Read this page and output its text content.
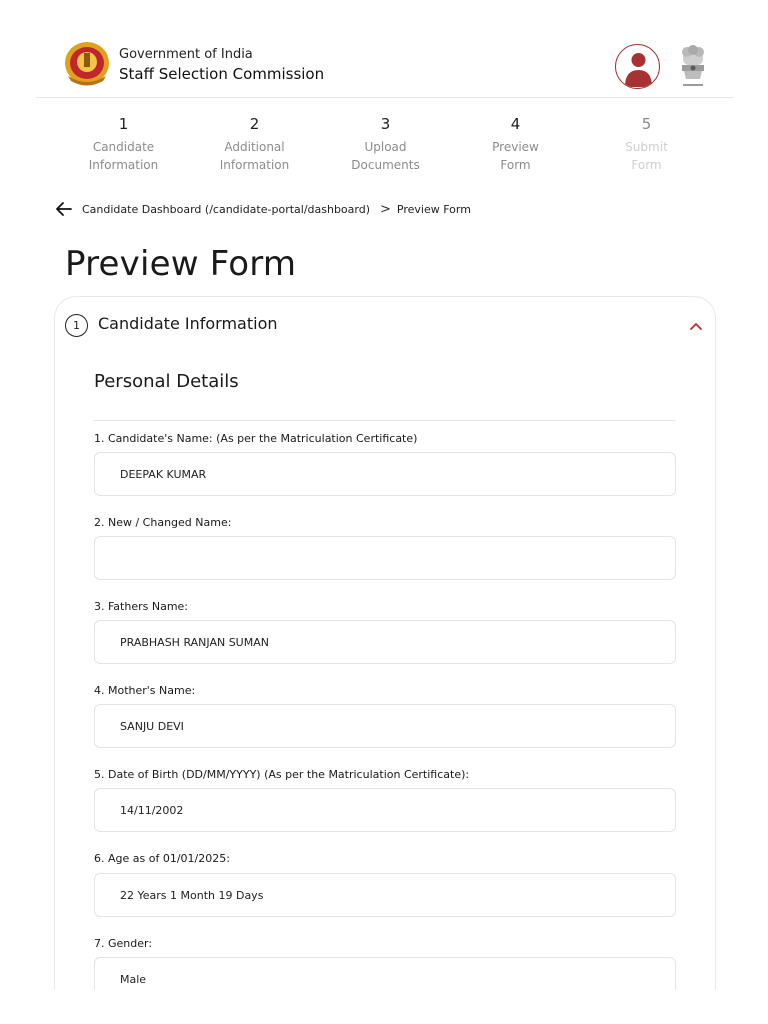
Government of India
Staff Selection Commission
1
Candidate
Information
2
Additional
Information
3
Upload
Documents
4
Preview
Form
5
Submit
Form
Candidate Dashboard (/candidate-portal/dashboard) > Preview Form
Preview Form
1	Candidate Information
Personal Details
1. Candidate's Name: (As per the Matriculation Certificate)
DEEPAK KUMAR
2. New / Changed Name:
3. Fathers Name:
PRABHASH RANJAN SUMAN
4. Mother's Name:
SANJU DEVI
5. Date of Birth (DD/MM/YYYY) (As per the Matriculation Certificate):
14/11/2002
6. Age as of 01/01/2025:
22 Years 1 Month 19 Days
7. Gender:
Male
